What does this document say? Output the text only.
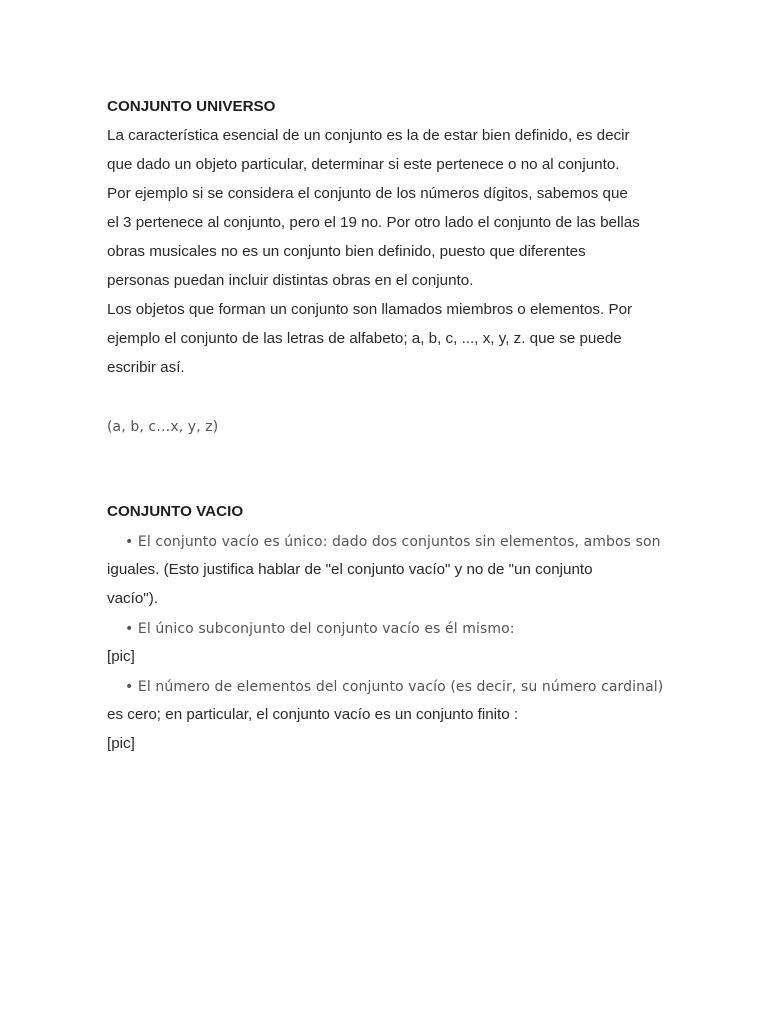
CONJUNTO UNIVERSO
La característica esencial de un conjunto es la de estar bien definido, es decir
que dado un objeto particular, determinar si este pertenece o no al conjunto.
Por ejemplo si se considera el conjunto de los números dígitos, sabemos que
el 3 pertenece al conjunto, pero el 19 no. Por otro lado el conjunto de las bellas
obras musicales no es un conjunto bien definido, puesto que diferentes
personas puedan incluir distintas obras en el conjunto.
Los objetos que forman un conjunto son llamados miembros o elementos. Por
ejemplo el conjunto de las letras de alfabeto; a, b, c, ..., x, y, z. que se puede
escribir así.
(a, b, c…x, y, z)
CONJUNTO VACIO
• El conjunto vacío es único: dado dos conjuntos sin elementos, ambos son
iguales. (Esto justifica hablar de "el conjunto vacío" y no de "un conjunto
vacío").
• El único subconjunto del conjunto vacío es él mismo:
[pic]
• El número de elementos del conjunto vacío (es decir, su número cardinal)
es cero; en particular, el conjunto vacío es un conjunto finito :
[pic]
